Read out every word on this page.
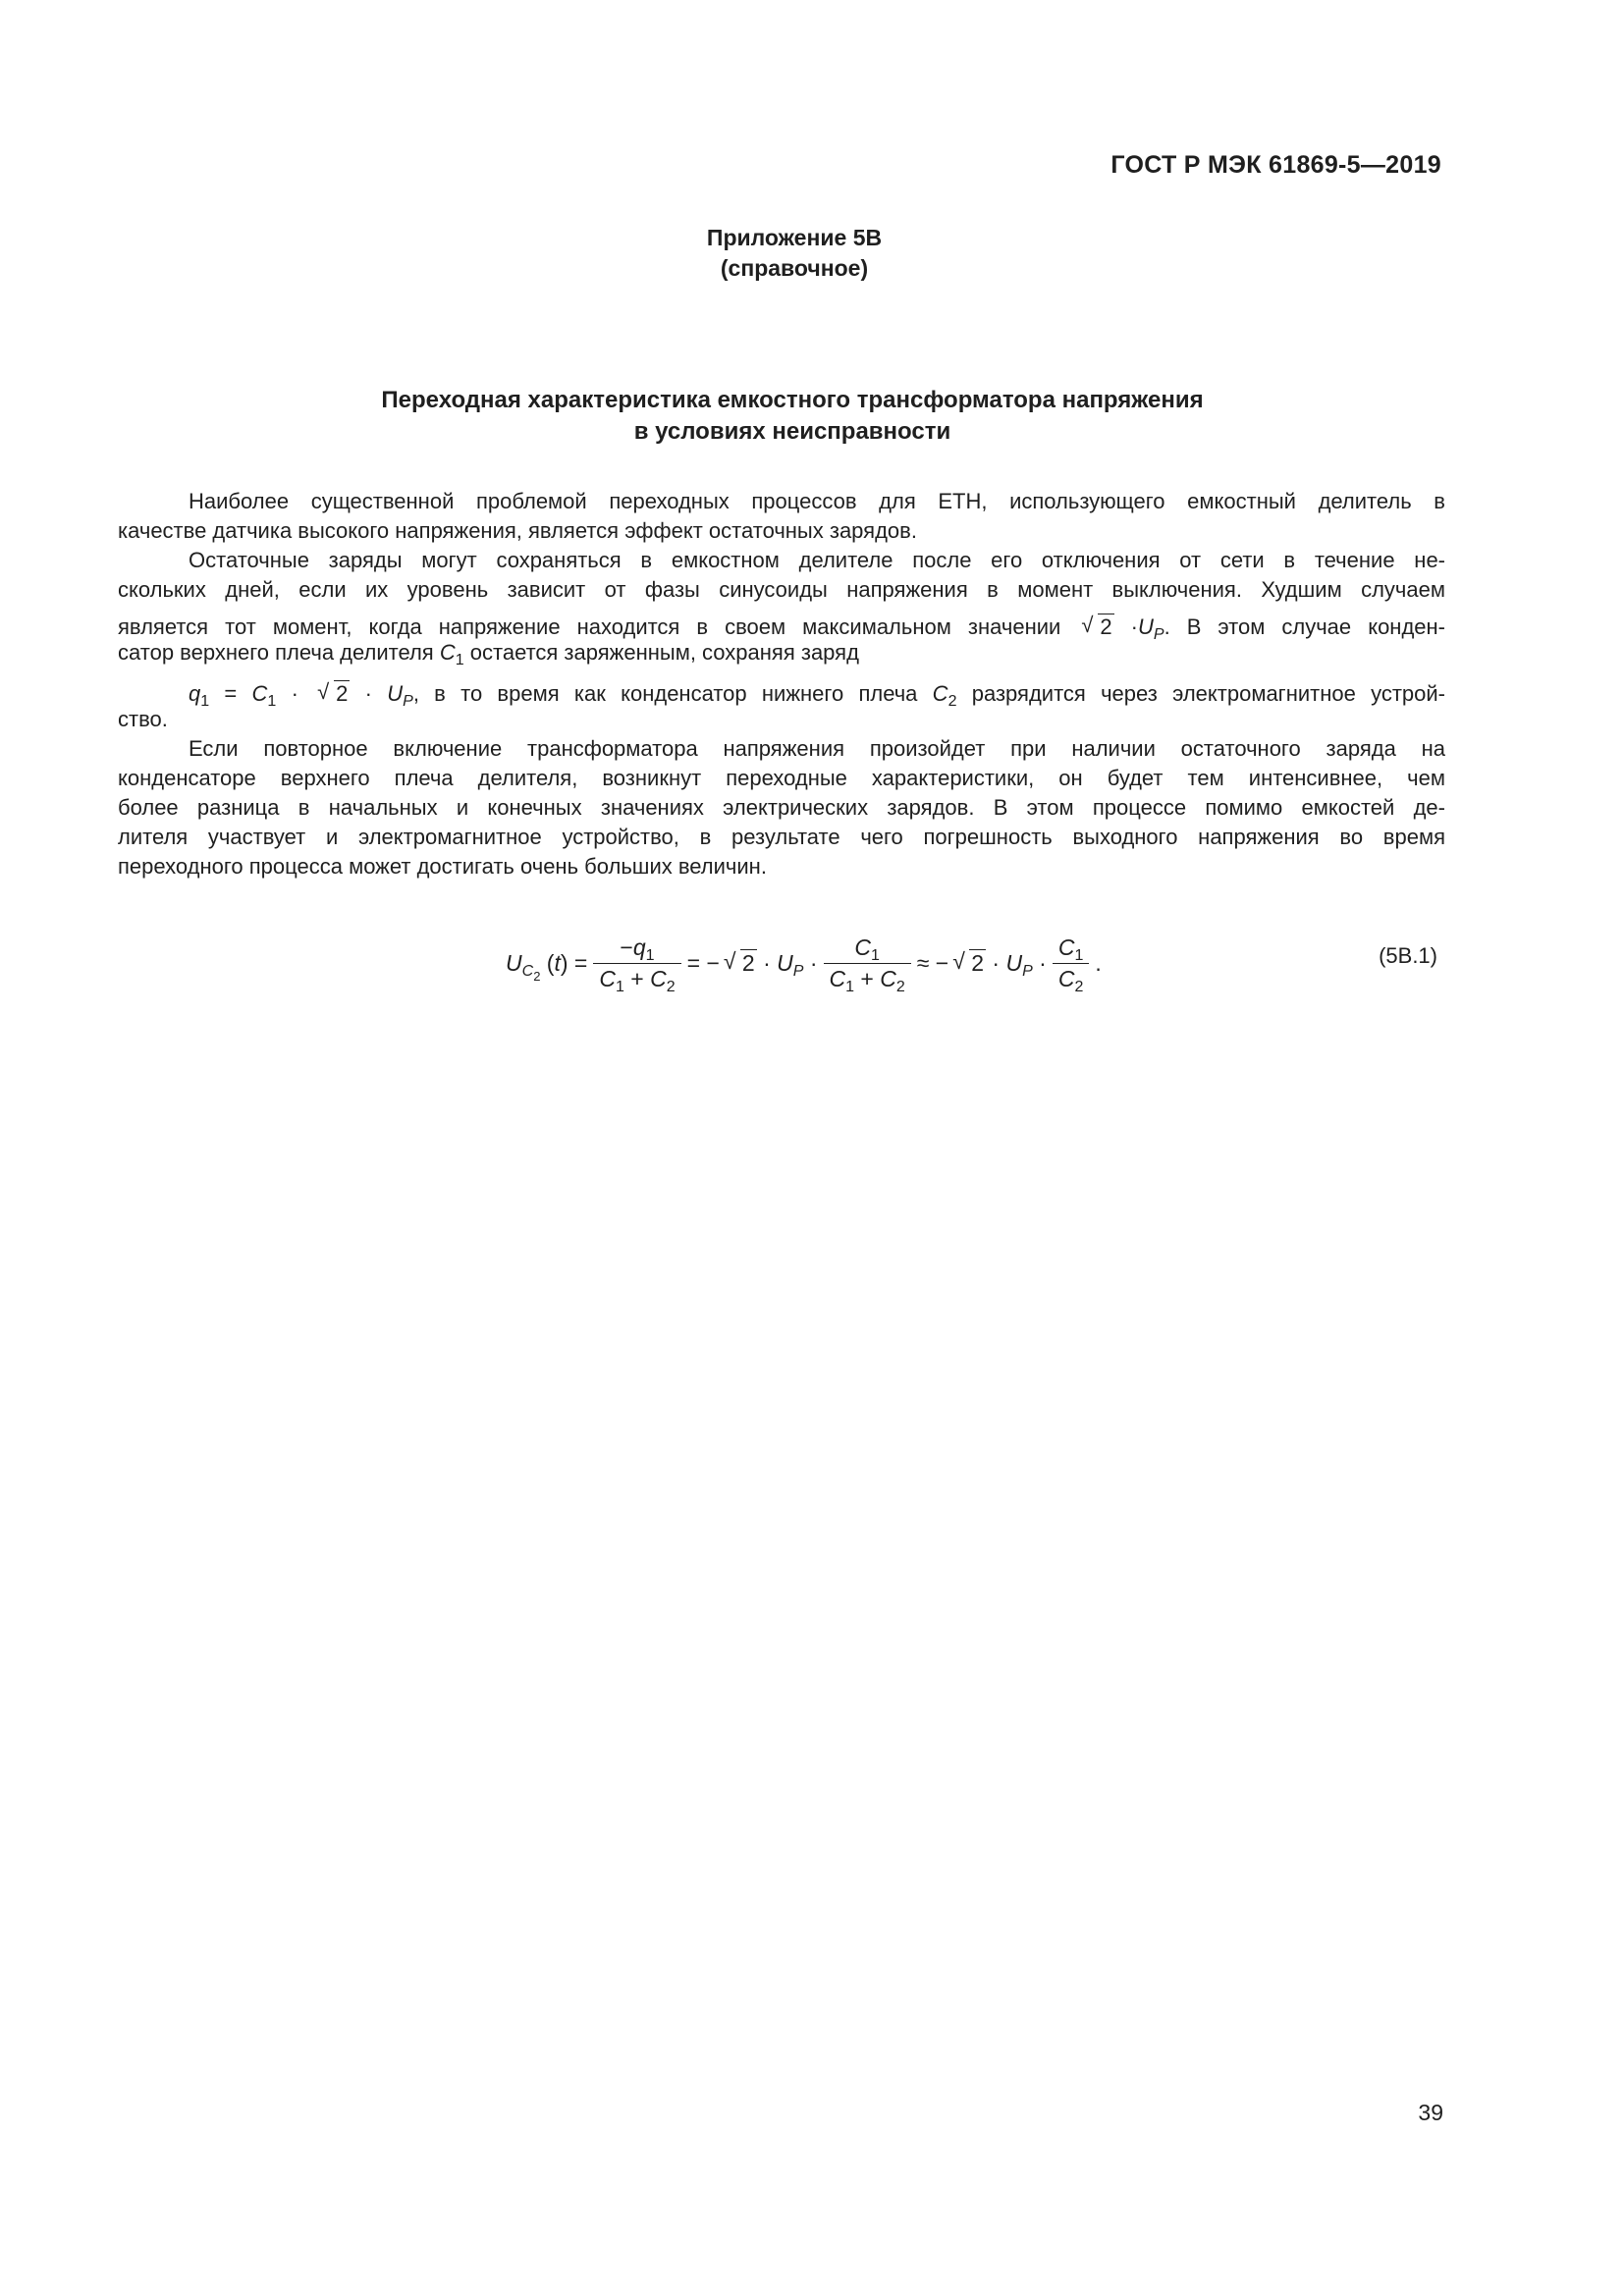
ГОСТ Р МЭК 61869-5—2019
Приложение 5В
(справочное)
Переходная характеристика емкостного трансформатора напряжения
в условиях неисправности
Наиболее существенной проблемой переходных процессов для ЕТН, использующего емкостный делитель в
качестве датчика высокого напряжения, является эффект остаточных зарядов.
Остаточные заряды могут сохраняться в емкостном делителе после его отключения от сети в течение не-
скольких дней, если их уровень зависит от фазы синусоиды напряжения в момент выключения. Худшим случаем
является тот момент, когда напряжение находится в своем максимальном значении √ $2 \cdot U_P$. В этом случае конден-
сатор верхнего плеча делителя $C_1$ остается заряженным, сохраняя заряд
$q_1 = C_1$ · √ $2 \cdot U_P$, в то время как конденсатор нижнего плеча $C_2$ разрядится через электромагнитное устрой-
ство.
Если повторное включение трансформатора напряжения произойдет при наличии остаточного заряда на
конденсаторе верхнего плеча делителя, возникнут переходные характеристики, он будет тем интенсивнее, чем
более разница в начальных и конечных значениях электрических зарядов. В этом процессе помимо емкостей де-
лителя участвует и электромагнитное устройство, в результате чего погрешность выходного напряжения во время
переходного процесса может достигать очень больших величин.
$U_{C_2}$ $(t) = \frac{-q_1}{C_1 + C_2}$ = − √ $2 \cdot U_P \cdot \frac{C_1}{C_1 + C_2}$ ≈ − √ $2 \cdot U_P \cdot \frac{C_1}{C_2}$ .	(5В.1)
39
